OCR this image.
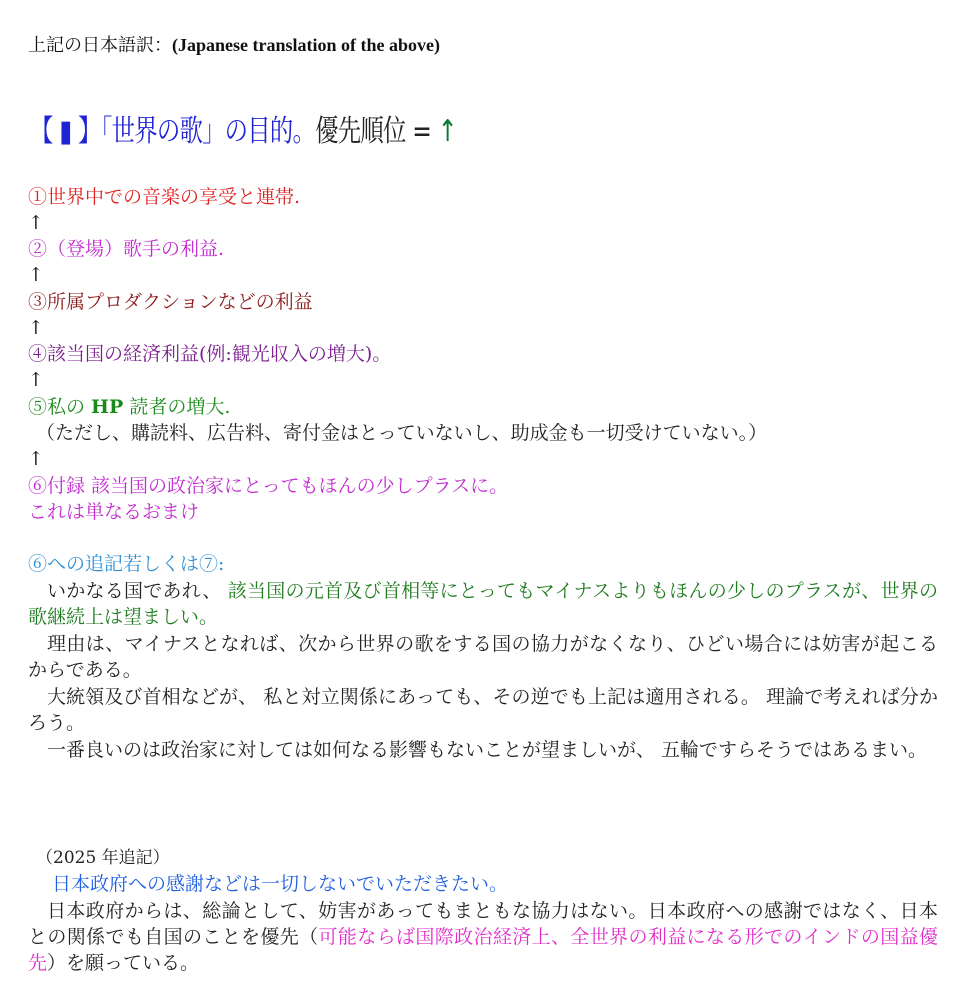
上記の日本語訳：(Japanese translation of the above)
【 ▮ 】「世界の歌」の目的。優先順位 = ↑
①世界中での音楽の享受と連帯.
↑
②（登場）歌手の利益.
↑
③所属プロダクションなどの利益
↑
④該当国の経済利益(例:観光収入の増大)。
↑
⑤私の HP 読者の増大.
（ただし、購読料、広告料、寄付金はとっていないし、助成金も一切受けていない。）
↑
⑥付録 該当国の政治家にとってもほんの少しプラスに。
これは単なるおまけ
⑥への追記若しくは⑦:
いかなる国であれ、 該当国の元首及び首相等にとってもマイナスよりもほんの少しのプラスが、世界の歌継続上は望ましい。
理由は、マイナスとなれば、次から世界の歌をする国の協力がなくなり、ひどい場合には妨害が起こるからである。
大統領及び首相などが、 私と対立関係にあっても、その逆でも上記は適用される。 理論で考えれば分かろう。
一番良いのは政治家に対しては如何なる影響もないことが望ましいが、 五輪ですらそうではあるまい。
（2025 年追記）
日本政府への感謝などは一切しないでいただきたい。
日本政府からは、総論として、妨害があってもまともな協力はない。日本政府への感謝ではなく、日本との関係でも自国のことを優先（可能ならば国際政治経済上、全世界の利益になる形でのインドの国益優先）を願っている。
